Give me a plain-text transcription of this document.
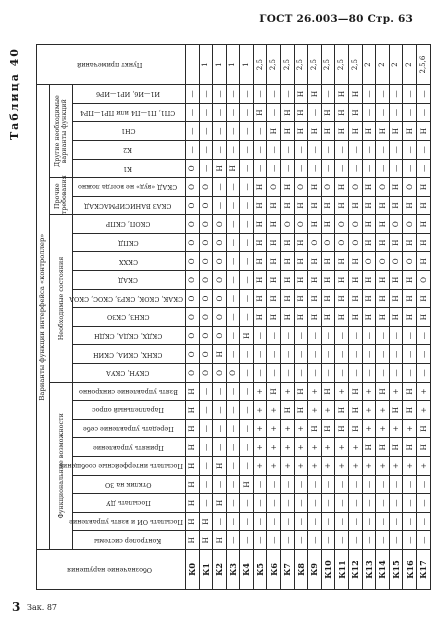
ГОСТ 26.003—80 Стр. 63
Таблица 40
Обозначение нарушения	Варианты функции интерфейса «контроллер»																									Пункт примечаний
	Функциональные возможности									Необходимые состояния									Прочие требования		Другие необходимые варианты функций					
	Контролер системы	Посылать ОИ и взять управление	Посылать ДУ	Отклик на ЗО	Посылать интерфейсные сообщения	Принять управление	Передать управление себе	Параллельный опрос	Взять управление синхронно	СКУН, СКУА	СКНХ, СКИА, СКИН	СКДХ, СКДА, СКДН	СКНЗ, СКЗО	СКАК, СКОК, СКРЗ, СКОС, СКОА	СКАД	СКХХ	СКПД	СКОП, СКПР	СКАЗ ВАНИСИРМАСКАД	СКАД «вуд» не всегда ложно	К1	К2	СН1	СП1, П1—П4 или ПР1—ПР4	И1—И6, ИР1—ИР6	
К0	Н	Н	Н	Н	Н	Н	Н	Н	Н	О	О	О	О	О	О	О	О	О	О	О	О	—	—	—	—	
К1	Н	Н	—	—	—	—	—	—	—	О	О	О	О	О	О	О	О	О	О	О	—	—	—	—	—	1
К2	Н	—	Н	—	Н	—	—	—	—	О	Н	О	О	О	О	О	О	О	—	—	Н	—	—	—	—	1
К3	—	—	—	—	—	—	—	—	—	О	—	—	—	—	—	—	—	—	—	—	Н	—	—	—	—	1
К4	—	—	—	Н	—	—	—	—	—	—	—	Н	—	—	—	—	—	—	—	—	—	—	—	—	—	1
К5	—	—	—	—	+	+	+	+	+	—	—	—	Н	Н	Н	Н	Н	Н	Н	Н	—	—	—	Н	—	2,5
К6	—	—	—	—	+	+	+	+	Н	—	—	—	Н	Н	Н	Н	Н	Н	Н	О	—	—	Н	—	—	2,5
К7	—	—	—	—	+	+	+	Н	+	—	—	—	Н	Н	Н	Н	Н	О	Н	Н	—	—	Н	Н	—	2,5
К8	—	—	—	—	+	+	+	Н	Н	—	—	—	Н	Н	Н	Н	Н	О	Н	О	—	—	Н	Н	Н	2,5
К9	—	—	—	—	+	+	Н	+	+	—	—	—	Н	Н	Н	Н	О	Н	Н	Н	—	—	Н	—	Н	2,5
К10	—	—	—	—	+	+	Н	+	Н	—	—	—	Н	Н	Н	Н	О	Н	Н	О	—	—	Н	Н	—	2,5
К11	—	—	—	—	+	+	Н	Н	+	—	—	—	Н	Н	Н	Н	О	О	Н	Н	—	—	Н	Н	Н	2,5
К12	—	—	—	—	+	+	Н	Н	Н	—	—	—	Н	Н	Н	Н	О	О	Н	О	—	—	Н	Н	Н	2,5
К13	—	—	—	—	+	Н	+	+	+	—	—	—	Н	Н	Н	О	Н	Н	Н	Н	—	—	Н	—	—	2
К14	—	—	—	—	+	Н	+	+	Н	—	—	—	Н	Н	Н	О	Н	Н	Н	О	—	—	Н	—	—	2
К15	—	—	—	—	+	Н	+	Н	+	—	—	—	Н	Н	Н	О	Н	О	Н	Н	—	—	Н	—	—	2
К16	—	—	—	—	+	Н	+	Н	Н	—	—	—	Н	Н	Н	О	Н	О	Н	О	—	—	Н	—	—	2
К17	—	—	—	—	+	Н	Н	+	+	—	—	—	Н	Н	О	Н	Н	Н	Н	Н	—	—	Н	—	—	2,5,6
3 Зак. 87
